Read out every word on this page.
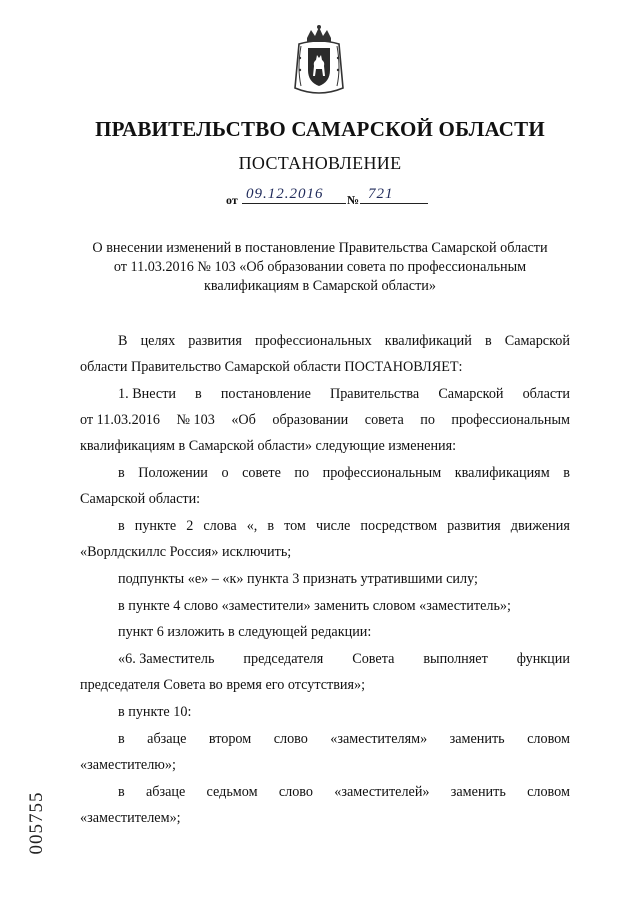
ПРАВИТЕЛЬСТВО САМАРСКОЙ ОБЛАСТИ
ПОСТАНОВЛЕНИЕ
от 09.12.2016 № 721
О внесении изменений в постановление Правительства Самарской области
от 11.03.2016 № 103 «Об образовании совета по профессиональным
квалификациям в Самарской области»
В целях развития профессиональных квалификаций в Самарской
области Правительство Самарской области ПОСТАНОВЛЯЕТ:
1. Внести в постановление Правительства Самарской области
от 11.03.2016 № 103 «Об образовании совета по профессиональным
квалификациям в Самарской области» следующие изменения:
в Положении о совете по профессиональным квалификациям в
Самарской области:
в пункте 2 слова «, в том числе посредством развития движения
«Ворлдскиллс Россия» исключить;
подпункты «е» – «к» пункта 3 признать утратившими силу;
в пункте 4 слово «заместители» заменить словом «заместитель»;
пункт 6 изложить в следующей редакции:
«6. Заместитель председателя Совета выполняет функции
председателя Совета во время его отсутствия»;
в пункте 10:
в абзаце втором слово «заместителям» заменить словом
«заместителю»;
в абзаце седьмом слово «заместителей» заменить словом
«заместителем»;
005755
